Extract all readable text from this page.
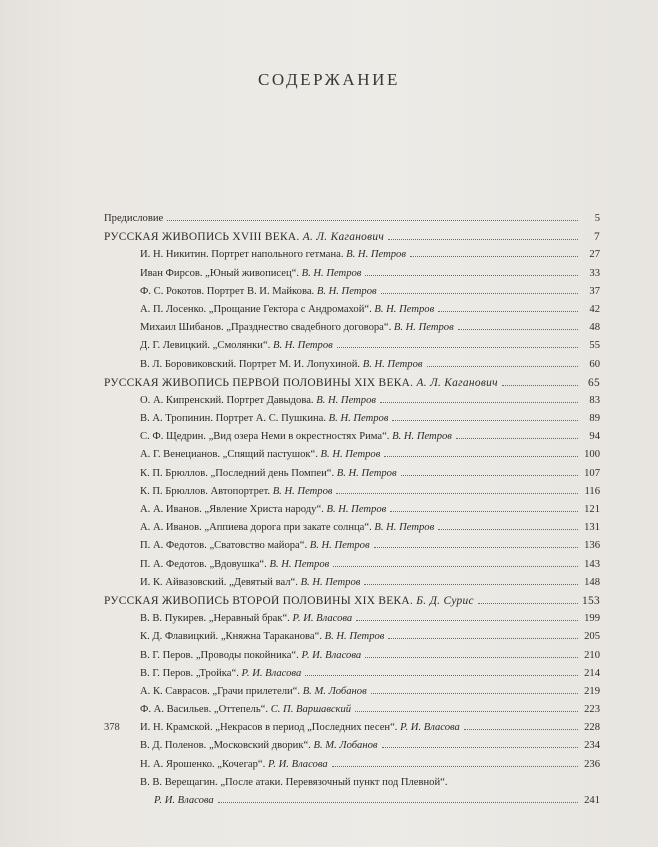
СОДЕРЖАНИЕ
Предисловие	5
РУССКАЯ ЖИВОПИСЬ XVIII ВЕКА. А. Л. Каганович	7
И. Н. Никитин. Портрет напольного гетмана. В. Н. Петров	27
Иван Фирсов. „Юный живописец“. В. Н. Петров	33
Ф. С. Рокотов. Портрет В. И. Майкова. В. Н. Петров	37
А. П. Лосенко. „Прощание Гектора с Андромахой“. В. Н. Петров	42
Михаил Шибанов. „Празднество свадебного договора“. В. Н. Петров	48
Д. Г. Левицкий. „Смолянки“. В. Н. Петров	55
В. Л. Боровиковский. Портрет М. И. Лопухиной. В. Н. Петров	60
РУССКАЯ ЖИВОПИСЬ ПЕРВОЙ ПОЛОВИНЫ XIX ВЕКА. А. Л. Каганович	65
О. А. Кипренский. Портрет Давыдова. В. Н. Петров	83
В. А. Тропинин. Портрет А. С. Пушкина. В. Н. Петров	89
С. Ф. Щедрин. „Вид озера Неми в окрестностях Рима“. В. Н. Петров	94
А. Г. Венецианов. „Спящий пастушок“. В. Н. Петров	100
К. П. Брюллов. „Последний день Помпеи“. В. Н. Петров	107
К. П. Брюллов. Автопортрет. В. Н. Петров	116
А. А. Иванов. „Явление Христа народу“. В. Н. Петров	121
А. А. Иванов. „Аппиева дорога при закате солнца“. В. Н. Петров	131
П. А. Федотов. „Сватовство майора“. В. Н. Петров	136
П. А. Федотов. „Вдовушка“. В. Н. Петров	143
И. К. Айвазовский. „Девятый вал“. В. Н. Петров	148
РУССКАЯ ЖИВОПИСЬ ВТОРОЙ ПОЛОВИНЫ XIX ВЕКА. Б. Д. Сурис	153
В. В. Пукирев. „Неравный брак“. Р. И. Власова	199
К. Д. Флавицкий. „Княжна Тараканова“. В. Н. Петров	205
В. Г. Перов. „Проводы покойника“. Р. И. Власова	210
В. Г. Перов. „Тройка“. Р. И. Власова	214
А. К. Саврасов. „Грачи прилетели“. В. М. Лобанов	219
Ф. А. Васильев. „Оттепель“. С. П. Варшавский	223
И. Н. Крамской. „Некрасов в период „Последних песен“. Р. И. Власова	228
В. Д. Поленов. „Московский дворик“. В. М. Лобанов	234
Н. А. Ярошенко. „Кочегар“. Р. И. Власова	236
В. В. Верещагин. „После атаки. Перевязочный пункт под Плевной“.
Р. И. Власова	241
378
